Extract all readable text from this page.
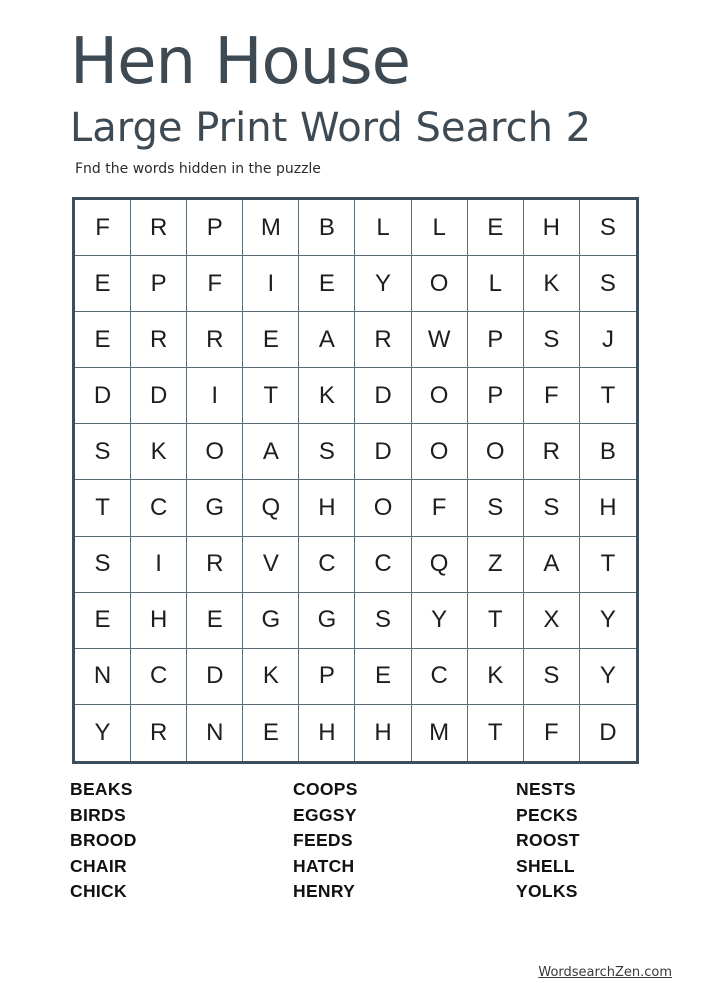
Hen House
Large Print Word Search 2
Fnd the words hidden in the puzzle
F	R	P	M	B	L	L	E	H	S
E	P	F	I	E	Y	O	L	K	S
E	R	R	E	A	R	W	P	S	J
D	D	I	T	K	D	O	P	F	T
S	K	O	A	S	D	O	O	R	B
T	C	G	Q	H	O	F	S	S	H
S	I	R	V	C	C	Q	Z	A	T
E	H	E	G	G	S	Y	T	X	Y
N	C	D	K	P	E	C	K	S	Y
Y	R	N	E	H	H	M	T	F	D
BEAKS
BIRDS
BROOD
CHAIR
CHICK
COOPS
EGGSY
FEEDS
HATCH
HENRY
NESTS
PECKS
ROOST
SHELL
YOLKS
WordsearchZen.com
